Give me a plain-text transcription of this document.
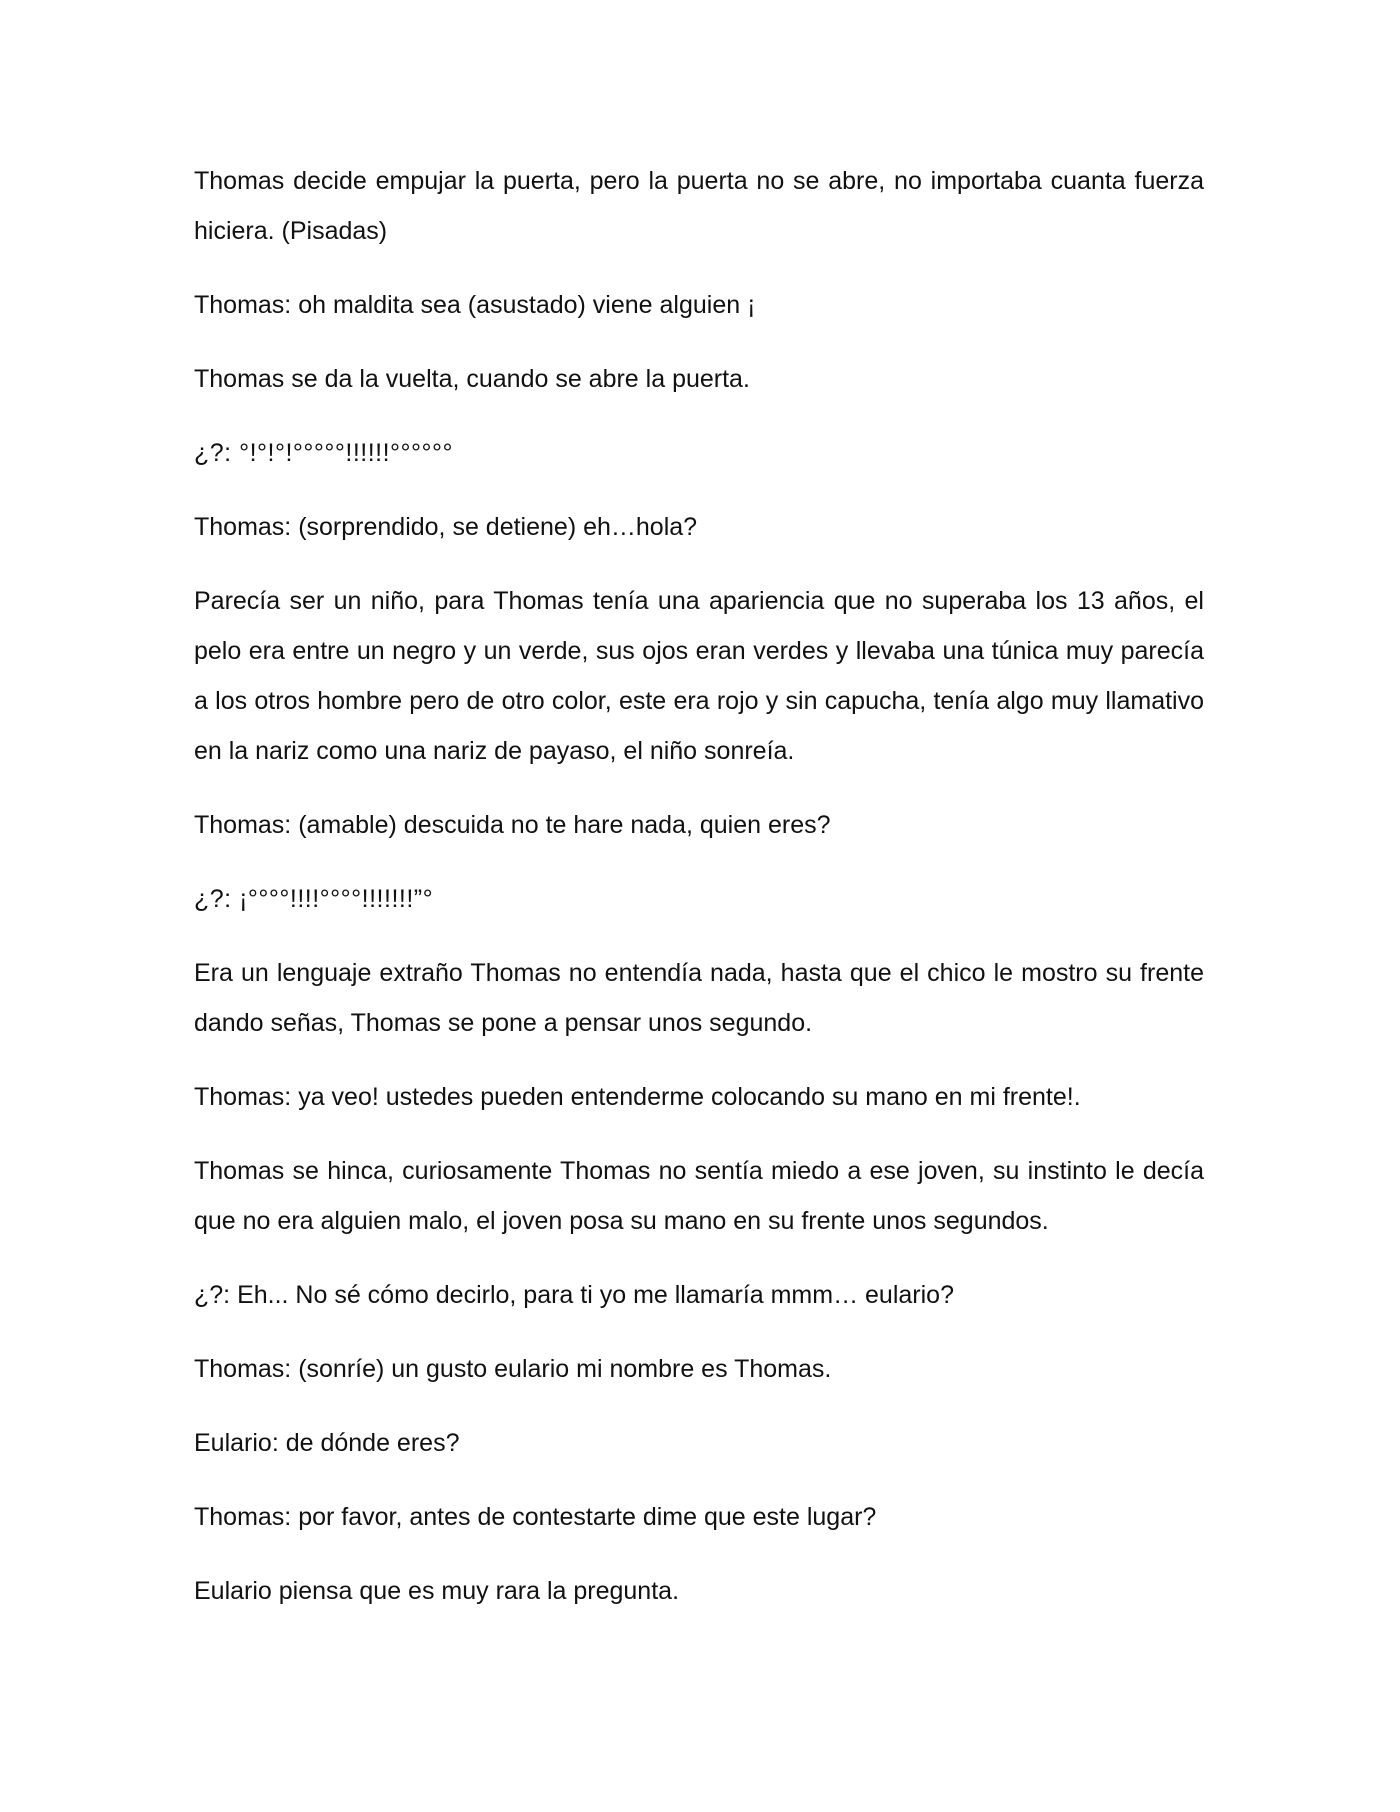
Thomas decide empujar la puerta, pero la puerta no se abre, no importaba cuanta fuerza hiciera. (Pisadas)

Thomas: oh maldita sea (asustado) viene alguien ¡

Thomas se da la vuelta, cuando se abre la puerta.

¿?: °!°!°!°°°°°!!!!!!°°°°°°

Thomas: (sorprendido, se detiene) eh…hola?

Parecía ser un niño, para Thomas tenía una apariencia que no superaba los 13 años, el pelo era entre un negro y un verde, sus ojos eran verdes y llevaba una túnica muy parecía a los otros hombre pero de otro color, este era rojo y sin capucha, tenía algo muy llamativo en la nariz como una nariz de payaso, el niño sonreía.

Thomas: (amable) descuida no te hare nada, quien eres?

¿?: ¡°°°°!!!!°°°°!!!!!!!”°

Era un lenguaje extraño Thomas no entendía nada, hasta que el chico le mostro su frente dando señas, Thomas se pone a pensar unos segundo.

Thomas: ya veo! ustedes pueden entenderme colocando su mano en mi frente!.

Thomas se hinca, curiosamente Thomas no sentía miedo a ese joven, su instinto le decía que no era alguien malo, el joven posa su mano en su frente unos segundos.

¿?: Eh... No sé cómo decirlo, para ti yo me llamaría mmm… eulario?

Thomas: (sonríe) un gusto eulario mi nombre es Thomas.

Eulario: de dónde eres?

Thomas: por favor, antes de contestarte dime que este lugar?

Eulario piensa que es muy rara la pregunta.
